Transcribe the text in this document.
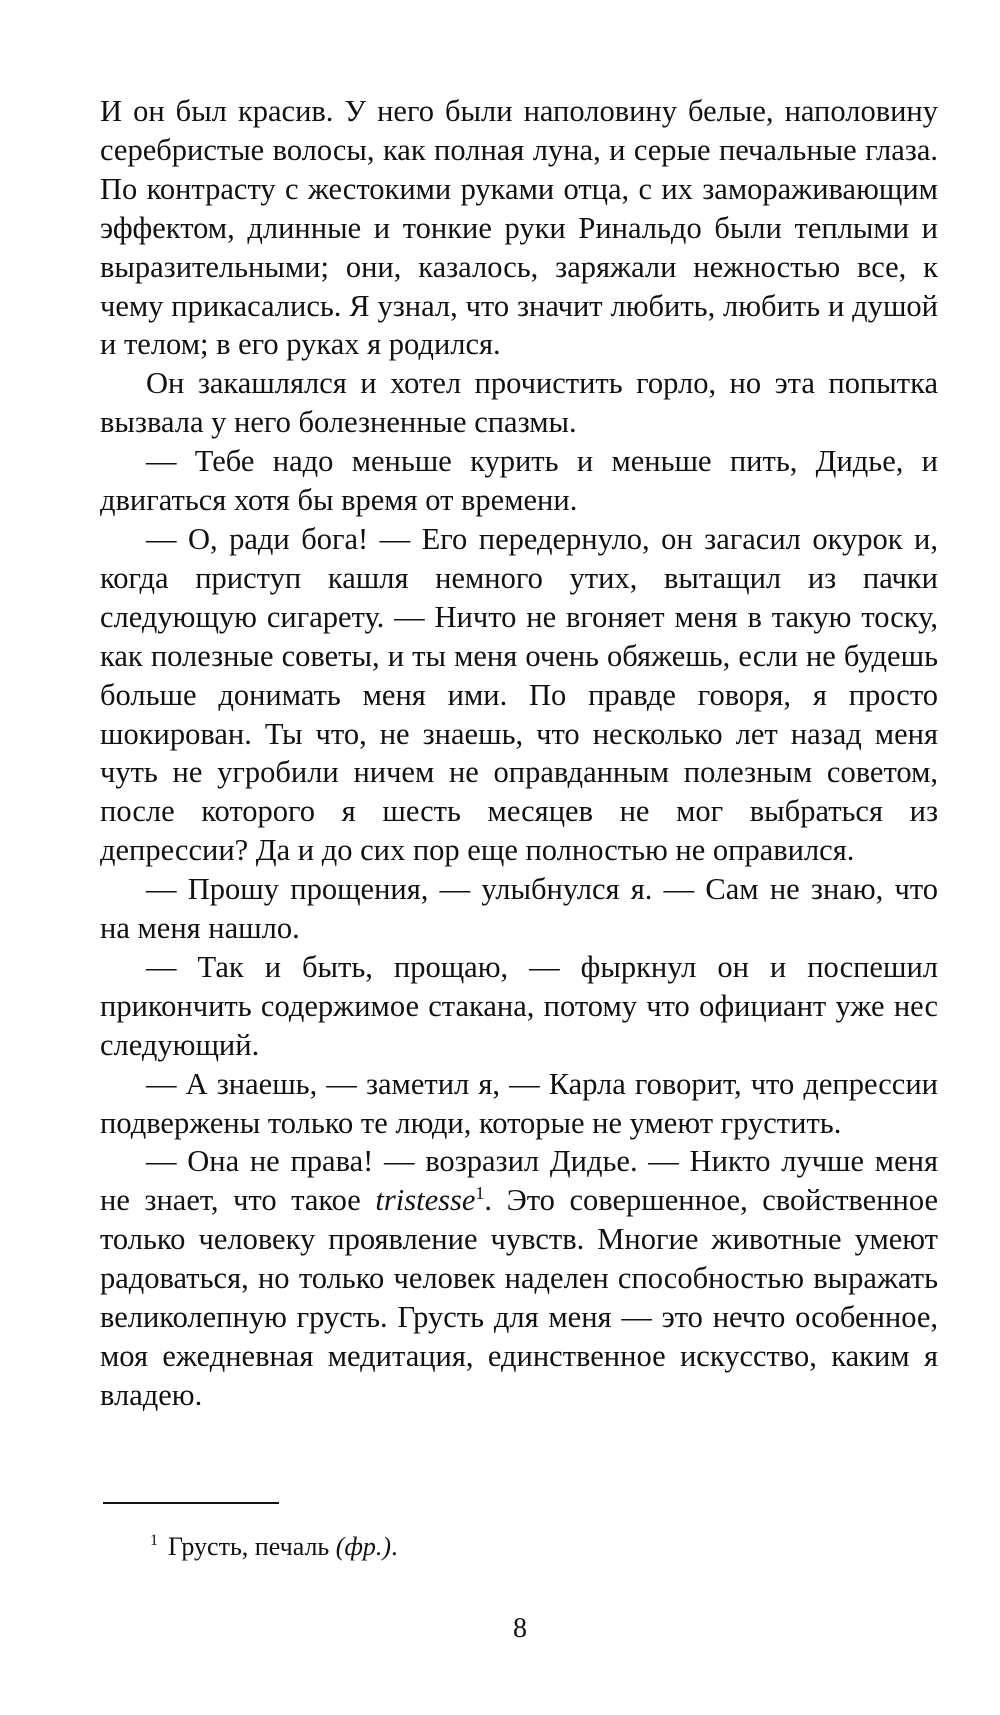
И он был красив. У него были наполовину белые, наполовину серебристые волосы, как полная луна, и серые печальные глаза. По контрасту с жестокими руками отца, с их замораживающим эффектом, длинные и тонкие руки Ринальдо были теплыми и выразительными; они, казалось, заряжали нежностью все, к чему прикасались. Я узнал, что значит любить, любить и душой и телом; в его руках я родился.

Он закашлялся и хотел прочистить горло, но эта попытка вызвала у него болезненные спазмы.

— Тебе надо меньше курить и меньше пить, Дидье, и двигаться хотя бы время от времени.

— О, ради бога! — Его передернуло, он загасил окурок и, когда приступ кашля немного утих, вытащил из пачки следующую сигарету. — Ничто не вгоняет меня в такую тоску, как полезные советы, и ты меня очень обяжешь, если не будешь больше донимать меня ими. По правде говоря, я просто шокирован. Ты что, не знаешь, что несколько лет назад меня чуть не угробили ничем не оправданным полезным советом, после которого я шесть месяцев не мог выбраться из депрессии? Да и до сих пор еще полностью не оправился.

— Прошу прощения, — улыбнулся я. — Сам не знаю, что на меня нашло.

— Так и быть, прощаю, — фыркнул он и поспешил прикончить содержимое стакана, потому что официант уже нес следующий.

— А знаешь, — заметил я, — Карла говорит, что депрессии подвержены только те люди, которые не умеют грустить.

— Она не права! — возразил Дидье. — Никто лучше меня не знает, что такое tristesse$^1$. Это совершенное, свойственное только человеку проявление чувств. Многие животные умеют радоваться, но только человек наделен способностью выражать великолепную грусть. Грусть для меня — это нечто особенное, моя ежедневная медитация, единственное искусство, каким я владею.

$^1$ Грусть, печаль (фр.).
8
